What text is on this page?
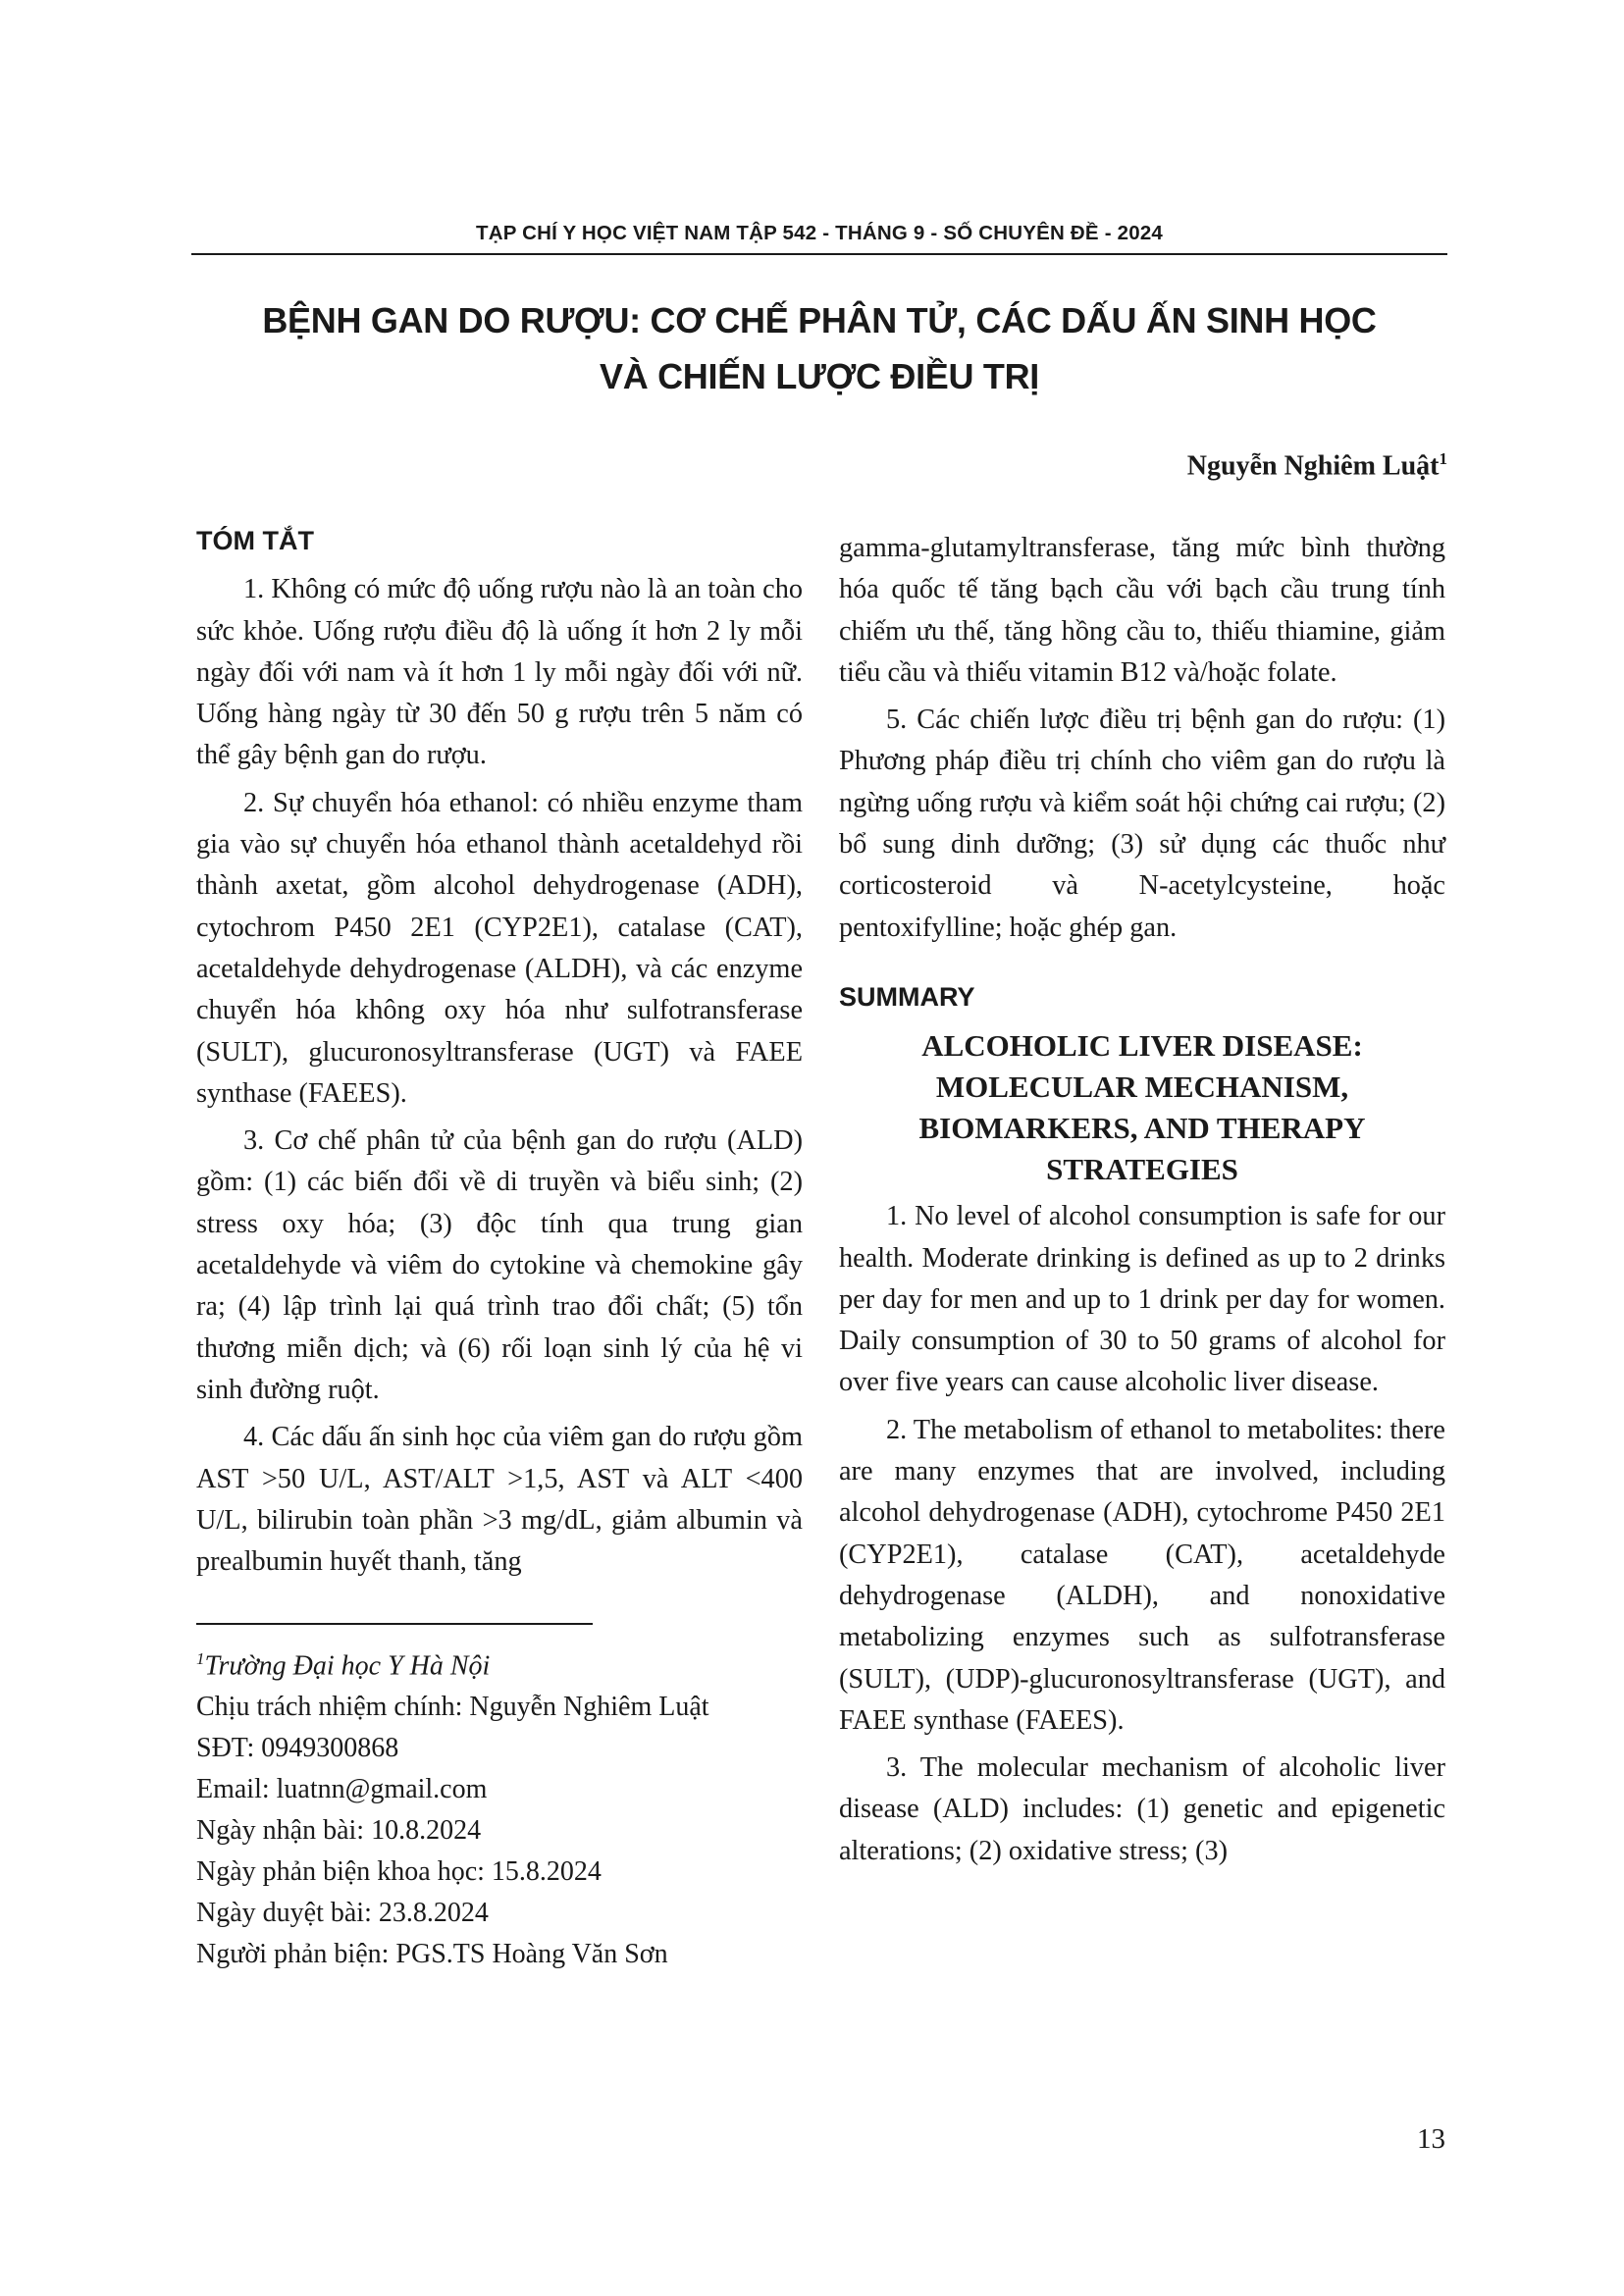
TẠP CHÍ Y HỌC VIỆT NAM TẬP 542 - THÁNG 9 - SỐ CHUYÊN ĐỀ - 2024
BỆNH GAN DO RƯỢU: CƠ CHẾ PHÂN TỬ, CÁC DẤU ẤN SINH HỌC
VÀ CHIẾN LƯỢC ĐIỀU TRỊ
Nguyễn Nghiêm Luật$^1$
TÓM TẮT

1. Không có mức độ uống rượu nào là an toàn cho sức khỏe. Uống rượu điều độ là uống ít hơn 2 ly mỗi ngày đối với nam và ít hơn 1 ly mỗi ngày đối với nữ. Uống hàng ngày từ 30 đến 50 g rượu trên 5 năm có thể gây bệnh gan do rượu.

2. Sự chuyển hóa ethanol: có nhiều enzyme tham gia vào sự chuyển hóa ethanol thành acetaldehyd rồi thành axetat, gồm alcohol dehydrogenase (ADH), cytochrom P450 2E1 (CYP2E1), catalase (CAT), acetaldehyde dehydrogenase (ALDH), và các enzyme chuyển hóa không oxy hóa như sulfotransferase (SULT), glucuronosyltransferase (UGT) và FAEE synthase (FAEES).

3. Cơ chế phân tử của bệnh gan do rượu (ALD) gồm: (1) các biến đổi về di truyền và biểu sinh; (2) stress oxy hóa; (3) độc tính qua trung gian acetaldehyde và viêm do cytokine và chemokine gây ra; (4) lập trình lại quá trình trao đổi chất; (5) tổn thương miễn dịch; và (6) rối loạn sinh lý của hệ vi sinh đường ruột.

4. Các dấu ấn sinh học của viêm gan do rượu gồm AST >50 U/L, AST/ALT >1,5, AST và ALT <400 U/L, bilirubin toàn phần >3 mg/dL, giảm albumin và prealbumin huyết thanh, tăng

$^1$Trường Đại học Y Hà Nội
Chịu trách nhiệm chính: Nguyễn Nghiêm Luật
SĐT: 0949300868
Email: luatnn@gmail.com
Ngày nhận bài: 10.8.2024
Ngày phản biện khoa học: 15.8.2024
Ngày duyệt bài: 23.8.2024
Người phản biện: PGS.TS Hoàng Văn Sơn

gamma-glutamyltransferase, tăng mức bình thường hóa quốc tế tăng bạch cầu với bạch cầu trung tính chiếm ưu thế, tăng hồng cầu to, thiếu thiamine, giảm tiểu cầu và thiếu vitamin B12 và/hoặc folate.

5. Các chiến lược điều trị bệnh gan do rượu: (1) Phương pháp điều trị chính cho viêm gan do rượu là ngừng uống rượu và kiểm soát hội chứng cai rượu; (2) bổ sung dinh dưỡng; (3) sử dụng các thuốc như corticosteroid và N-acetylcysteine, hoặc pentoxifylline; hoặc ghép gan.

SUMMARY
ALCOHOLIC LIVER DISEASE:
MOLECULAR MECHANISM,
BIOMARKERS, AND THERAPY
STRATEGIES

1. No level of alcohol consumption is safe for our health. Moderate drinking is defined as up to 2 drinks per day for men and up to 1 drink per day for women. Daily consumption of 30 to 50 grams of alcohol for over five years can cause alcoholic liver disease.

2. The metabolism of ethanol to metabolites: there are many enzymes that are involved, including alcohol dehydrogenase (ADH), cytochrome P450 2E1 (CYP2E1), catalase (CAT), acetaldehyde dehydrogenase (ALDH), and nonoxidative metabolizing enzymes such as sulfotransferase (SULT), (UDP)-glucuronosyltransferase (UGT), and FAEE synthase (FAEES).

3. The molecular mechanism of alcoholic liver disease (ALD) includes: (1) genetic and epigenetic alterations; (2) oxidative stress; (3)

13
